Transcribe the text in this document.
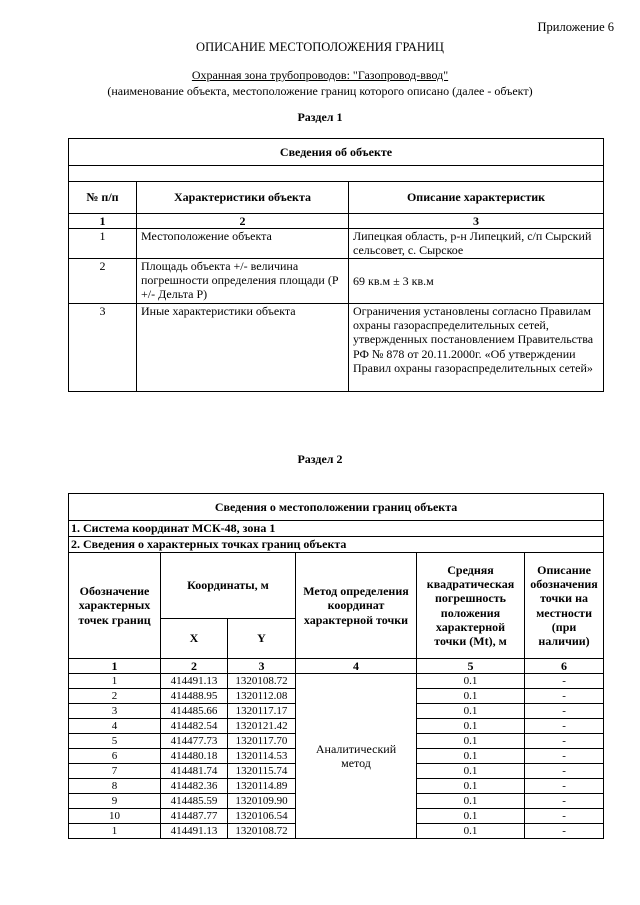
Приложение 6
ОПИСАНИЕ МЕСТОПОЛОЖЕНИЯ ГРАНИЦ
Охранная зона трубопроводов: "Газопровод-ввод"
(наименование объекта, местоположение границ которого описано (далее - объект)
Раздел 1
Сведения об объекте		

№ п/п	Характеристики объекта	Описание характеристик
1	2	3
1	Местоположение объекта	Липецкая область, р-н Липецкий, с/п Сырский сельсовет, с. Сырское
2	Площадь объекта +/- величина погрешности определения площади (Р +/- Дельта Р)	69 кв.м ± 3 кв.м
3	Иные характеристики объекта	Ограничения установлены согласно Правилам охраны газораспределительных сетей, утвержденных постановлением Правительства РФ № 878 от 20.11.2000г. «Об утверждении Правил охраны газораспределительных сетей»
Раздел 2
Сведения о местоположении границ объекта					
1. Система координат МСК-48, зона 1					
2. Сведения о характерных точках границ объекта					
Обозначение характерных точек границ	Координаты, м		Метод определения координат характерной точки	Средняя квадратическая погрешность положения характерной точки (Mt), м	Описание обозначения точки на местности (при наличии)
	X	Y			
1	2	3	4	5	6
1	414491.13	1320108.72	Аналитический метод	0.1	-
2	414488.95	1320112.08		0.1	-
3	414485.66	1320117.17		0.1	-
4	414482.54	1320121.42		0.1	-
5	414477.73	1320117.70		0.1	-
6	414480.18	1320114.53		0.1	-
7	414481.74	1320115.74		0.1	-
8	414482.36	1320114.89		0.1	-
9	414485.59	1320109.90		0.1	-
10	414487.77	1320106.54		0.1	-
1	414491.13	1320108.72		0.1	-
